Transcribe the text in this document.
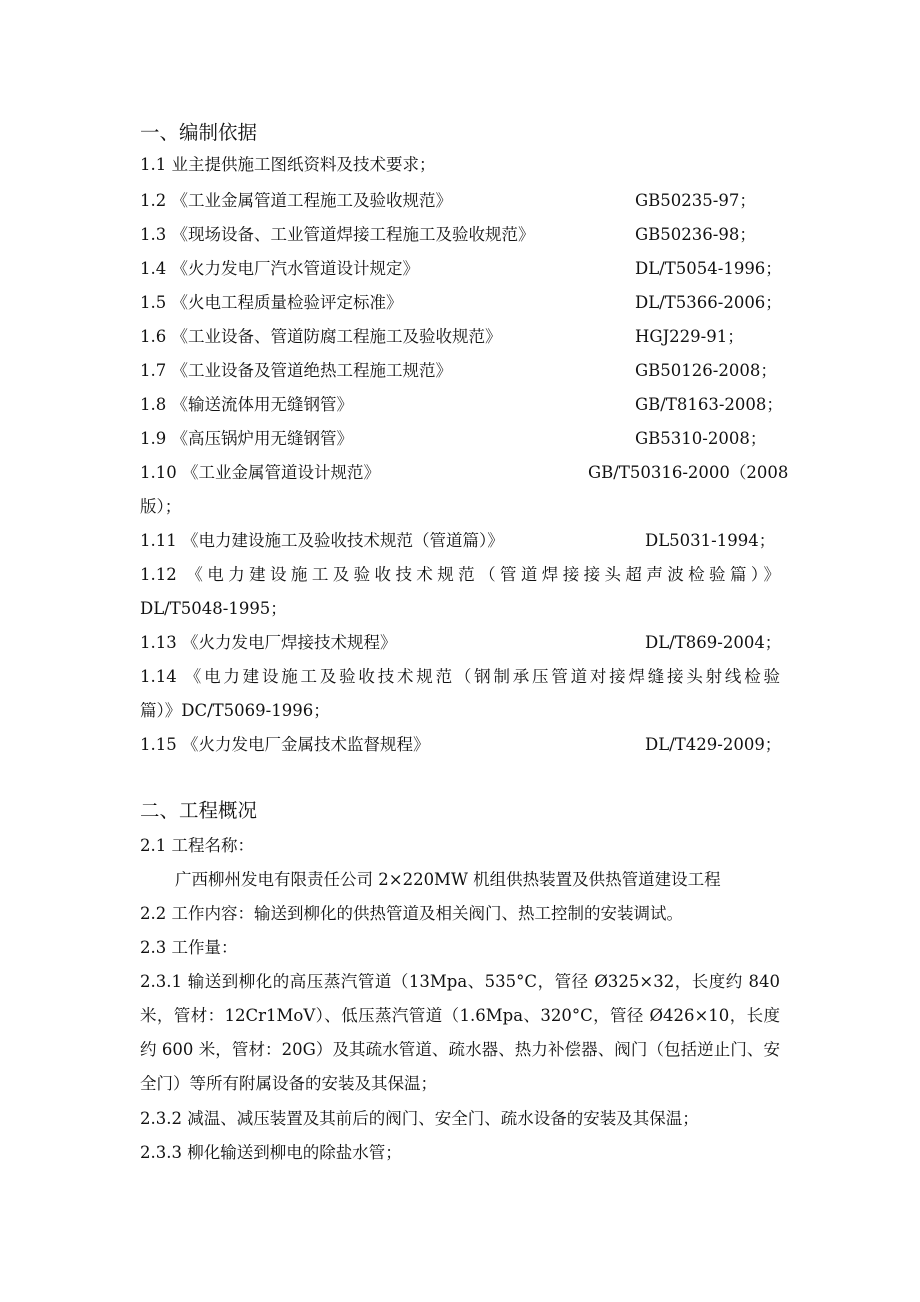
一、编制依据
1.1 业主提供施工图纸资料及技术要求；
1.2 《工业金属管道工程施工及验收规范》	GB50235-97；
1.3 《现场设备、工业管道焊接工程施工及验收规范》	GB50236-98；
1.4 《火力发电厂汽水管道设计规定》	DL/T5054-1996；
1.5 《火电工程质量检验评定标准》	DL/T5366-2006；
1.6 《工业设备、管道防腐工程施工及验收规范》	HGJ229-91；
1.7 《工业设备及管道绝热工程施工规范》	GB50126-2008；
1.8 《输送流体用无缝钢管》	GB/T8163-2008；
1.9 《高压锅炉用无缝钢管》	GB5310-2008；
1.10 《工业金属管道设计规范》	GB/T50316-2000（2008
版）；
1.11 《电力建设施工及验收技术规范（管道篇）》	DL5031-1994；
1.12 《电力建设施工及验收技术规范（管道焊接接头超声波检验篇）》
DL/T5048-1995；
1.13 《火力发电厂焊接技术规程》	DL/T869-2004；
1.14 《电力建设施工及验收技术规范（钢制承压管道对接焊缝接头射线检验
篇）》DC/T5069-1996；
1.15 《火力发电厂金属技术监督规程》	DL/T429-2009；
二、工程概况
2.1 工程名称：
广西柳州发电有限责任公司 2×220MW 机组供热装置及供热管道建设工程
2.2 工作内容：输送到柳化的供热管道及相关阀门、热工控制的安装调试。
2.3 工作量：
2.3.1 输送到柳化的高压蒸汽管道（13Mpa、535°C，管径 Ø325×32，长度约 840 米，管材：12Cr1MoV）、低压蒸汽管道（1.6Mpa、320°C，管径 Ø426×10，长度约 600 米，管材：20G）及其疏水管道、疏水器、热力补偿器、阀门（包括逆止门、安全门）等所有附属设备的安装及其保温；
2.3.2 减温、减压装置及其前后的阀门、安全门、疏水设备的安装及其保温；
2.3.3 柳化输送到柳电的除盐水管；
